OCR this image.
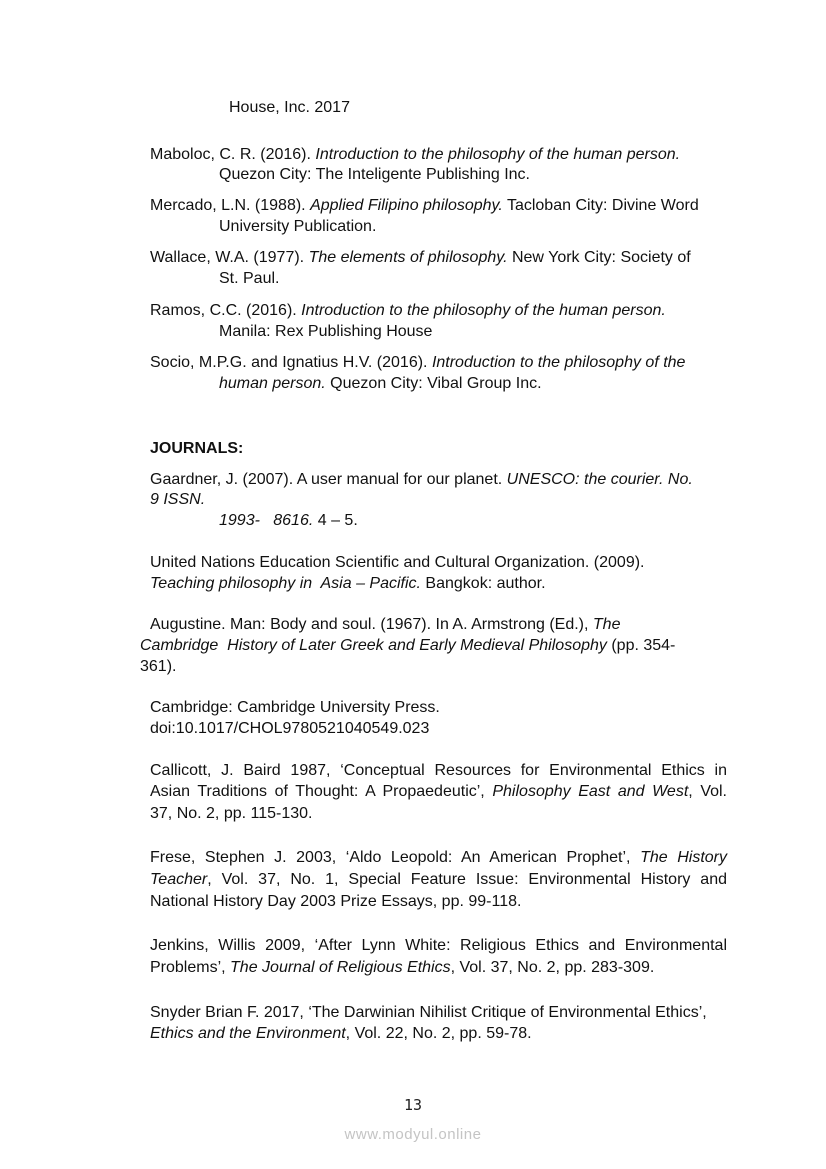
House, Inc. 2017
Maboloc, C. R. (2016). Introduction to the philosophy of the human person.
Quezon City: The Inteligente Publishing Inc.
Mercado, L.N. (1988). Applied Filipino philosophy. Tacloban City: Divine Word
University Publication.
Wallace, W.A. (1977). The elements of philosophy. New York City: Society of
St. Paul.
Ramos, C.C. (2016). Introduction to the philosophy of the human person.
Manila: Rex Publishing House
Socio, M.P.G. and Ignatius H.V. (2016). Introduction to the philosophy of the
human person. Quezon City: Vibal Group Inc.
Gaardner, J. (2007). A user manual for our planet. UNESCO: the courier. No.
9 ISSN.
1993-   8616. 4 – 5.
United Nations Education Scientific and Cultural Organization. (2009).
Teaching philosophy in  Asia – Pacific. Bangkok: author.
Augustine. Man: Body and soul. (1967). In A. Armstrong (Ed.), The
Cambridge  History of Later Greek and Early Medieval Philosophy (pp. 354-
361).
Cambridge: Cambridge University Press.
doi:10.1017/CHOL9780521040549.023
Callicott, J. Baird 1987, ‘Conceptual Resources for Environmental Ethics in
Asian Traditions of Thought: A Propaedeutic’, Philosophy East and West, Vol.
37, No. 2, pp. 115-130.
Frese, Stephen J. 2003, ‘Aldo Leopold: An American Prophet’, The History
Teacher, Vol. 37, No. 1, Special Feature Issue: Environmental History and
National History Day 2003 Prize Essays, pp. 99-118.
Jenkins, Willis 2009, ‘After Lynn White: Religious Ethics and Environmental
Problems’, The Journal of Religious Ethics, Vol. 37, No. 2, pp. 283-309.
Snyder Brian F. 2017, ‘The Darwinian Nihilist Critique of Environmental Ethics’,
Ethics and the Environment, Vol. 22, No. 2, pp. 59-78.
JOURNALS:
13
www.modyul.online
